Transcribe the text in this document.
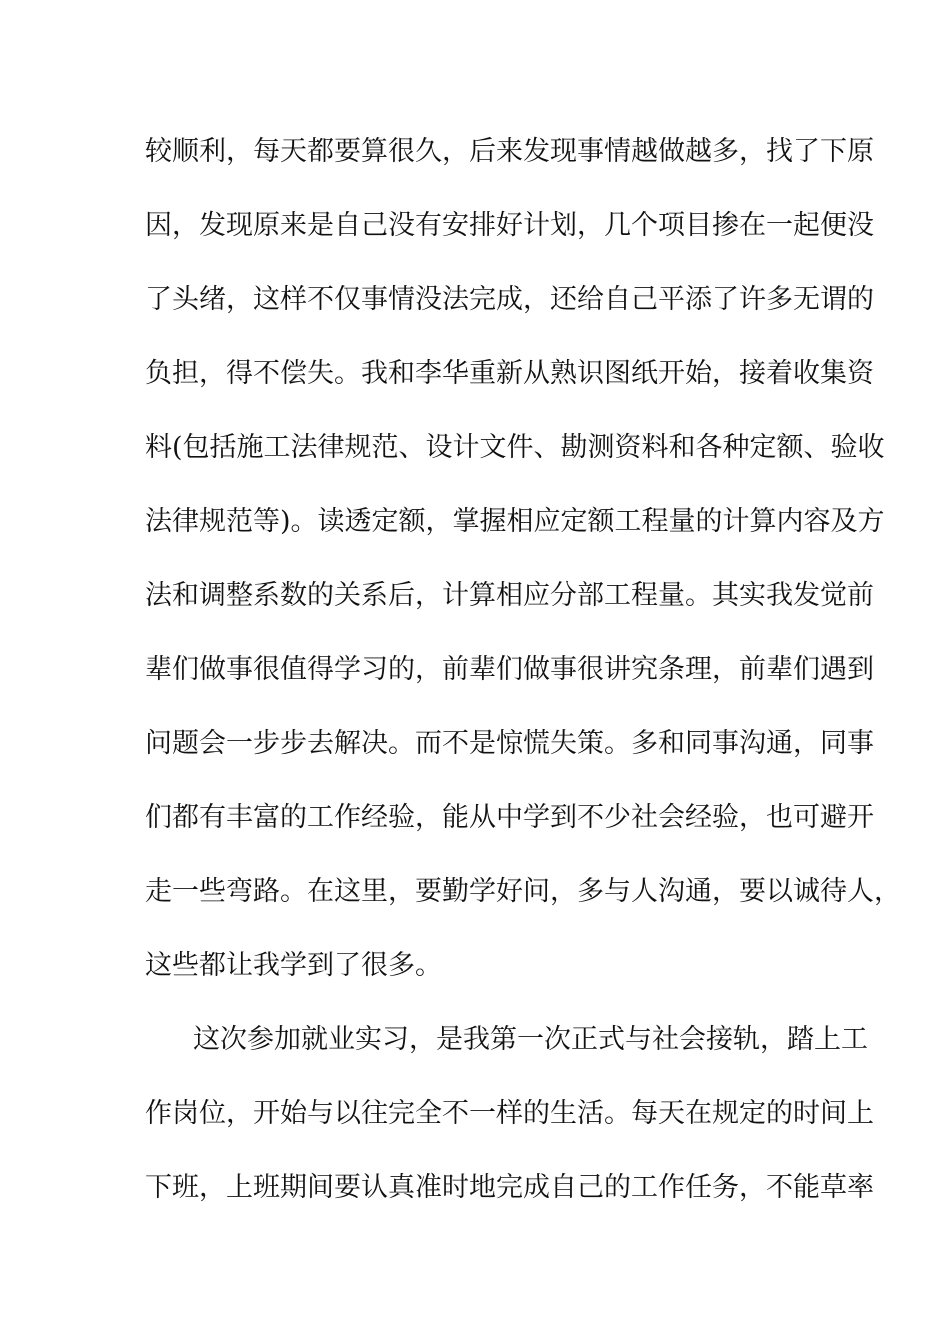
较顺利，每天都要算很久，后来发现事情越做越多，找了下原
因，发现原来是自己没有安排好计划，几个项目掺在一起便没
了头绪，这样不仅事情没法完成，还给自己平添了许多无谓的
负担，得不偿失。我和李华重新从熟识图纸开始，接着收集资
料(包括施工法律规范、设计文件、勘测资料和各种定额、验收
法律规范等)。读透定额，掌握相应定额工程量的计算内容及方
法和调整系数的关系后，计算相应分部工程量。其实我发觉前
辈们做事很值得学习的，前辈们做事很讲究条理，前辈们遇到
问题会一步步去解决。而不是惊慌失策。多和同事沟通，同事
们都有丰富的工作经验，能从中学到不少社会经验，也可避开
走一些弯路。在这里，要勤学好问，多与人沟通，要以诚待人，
这些都让我学到了很多。
这次参加就业实习，是我第一次正式与社会接轨，踏上工
作岗位，开始与以往完全不一样的生活。每天在规定的时间上
下班，上班期间要认真准时地完成自己的工作任务，不能草率
